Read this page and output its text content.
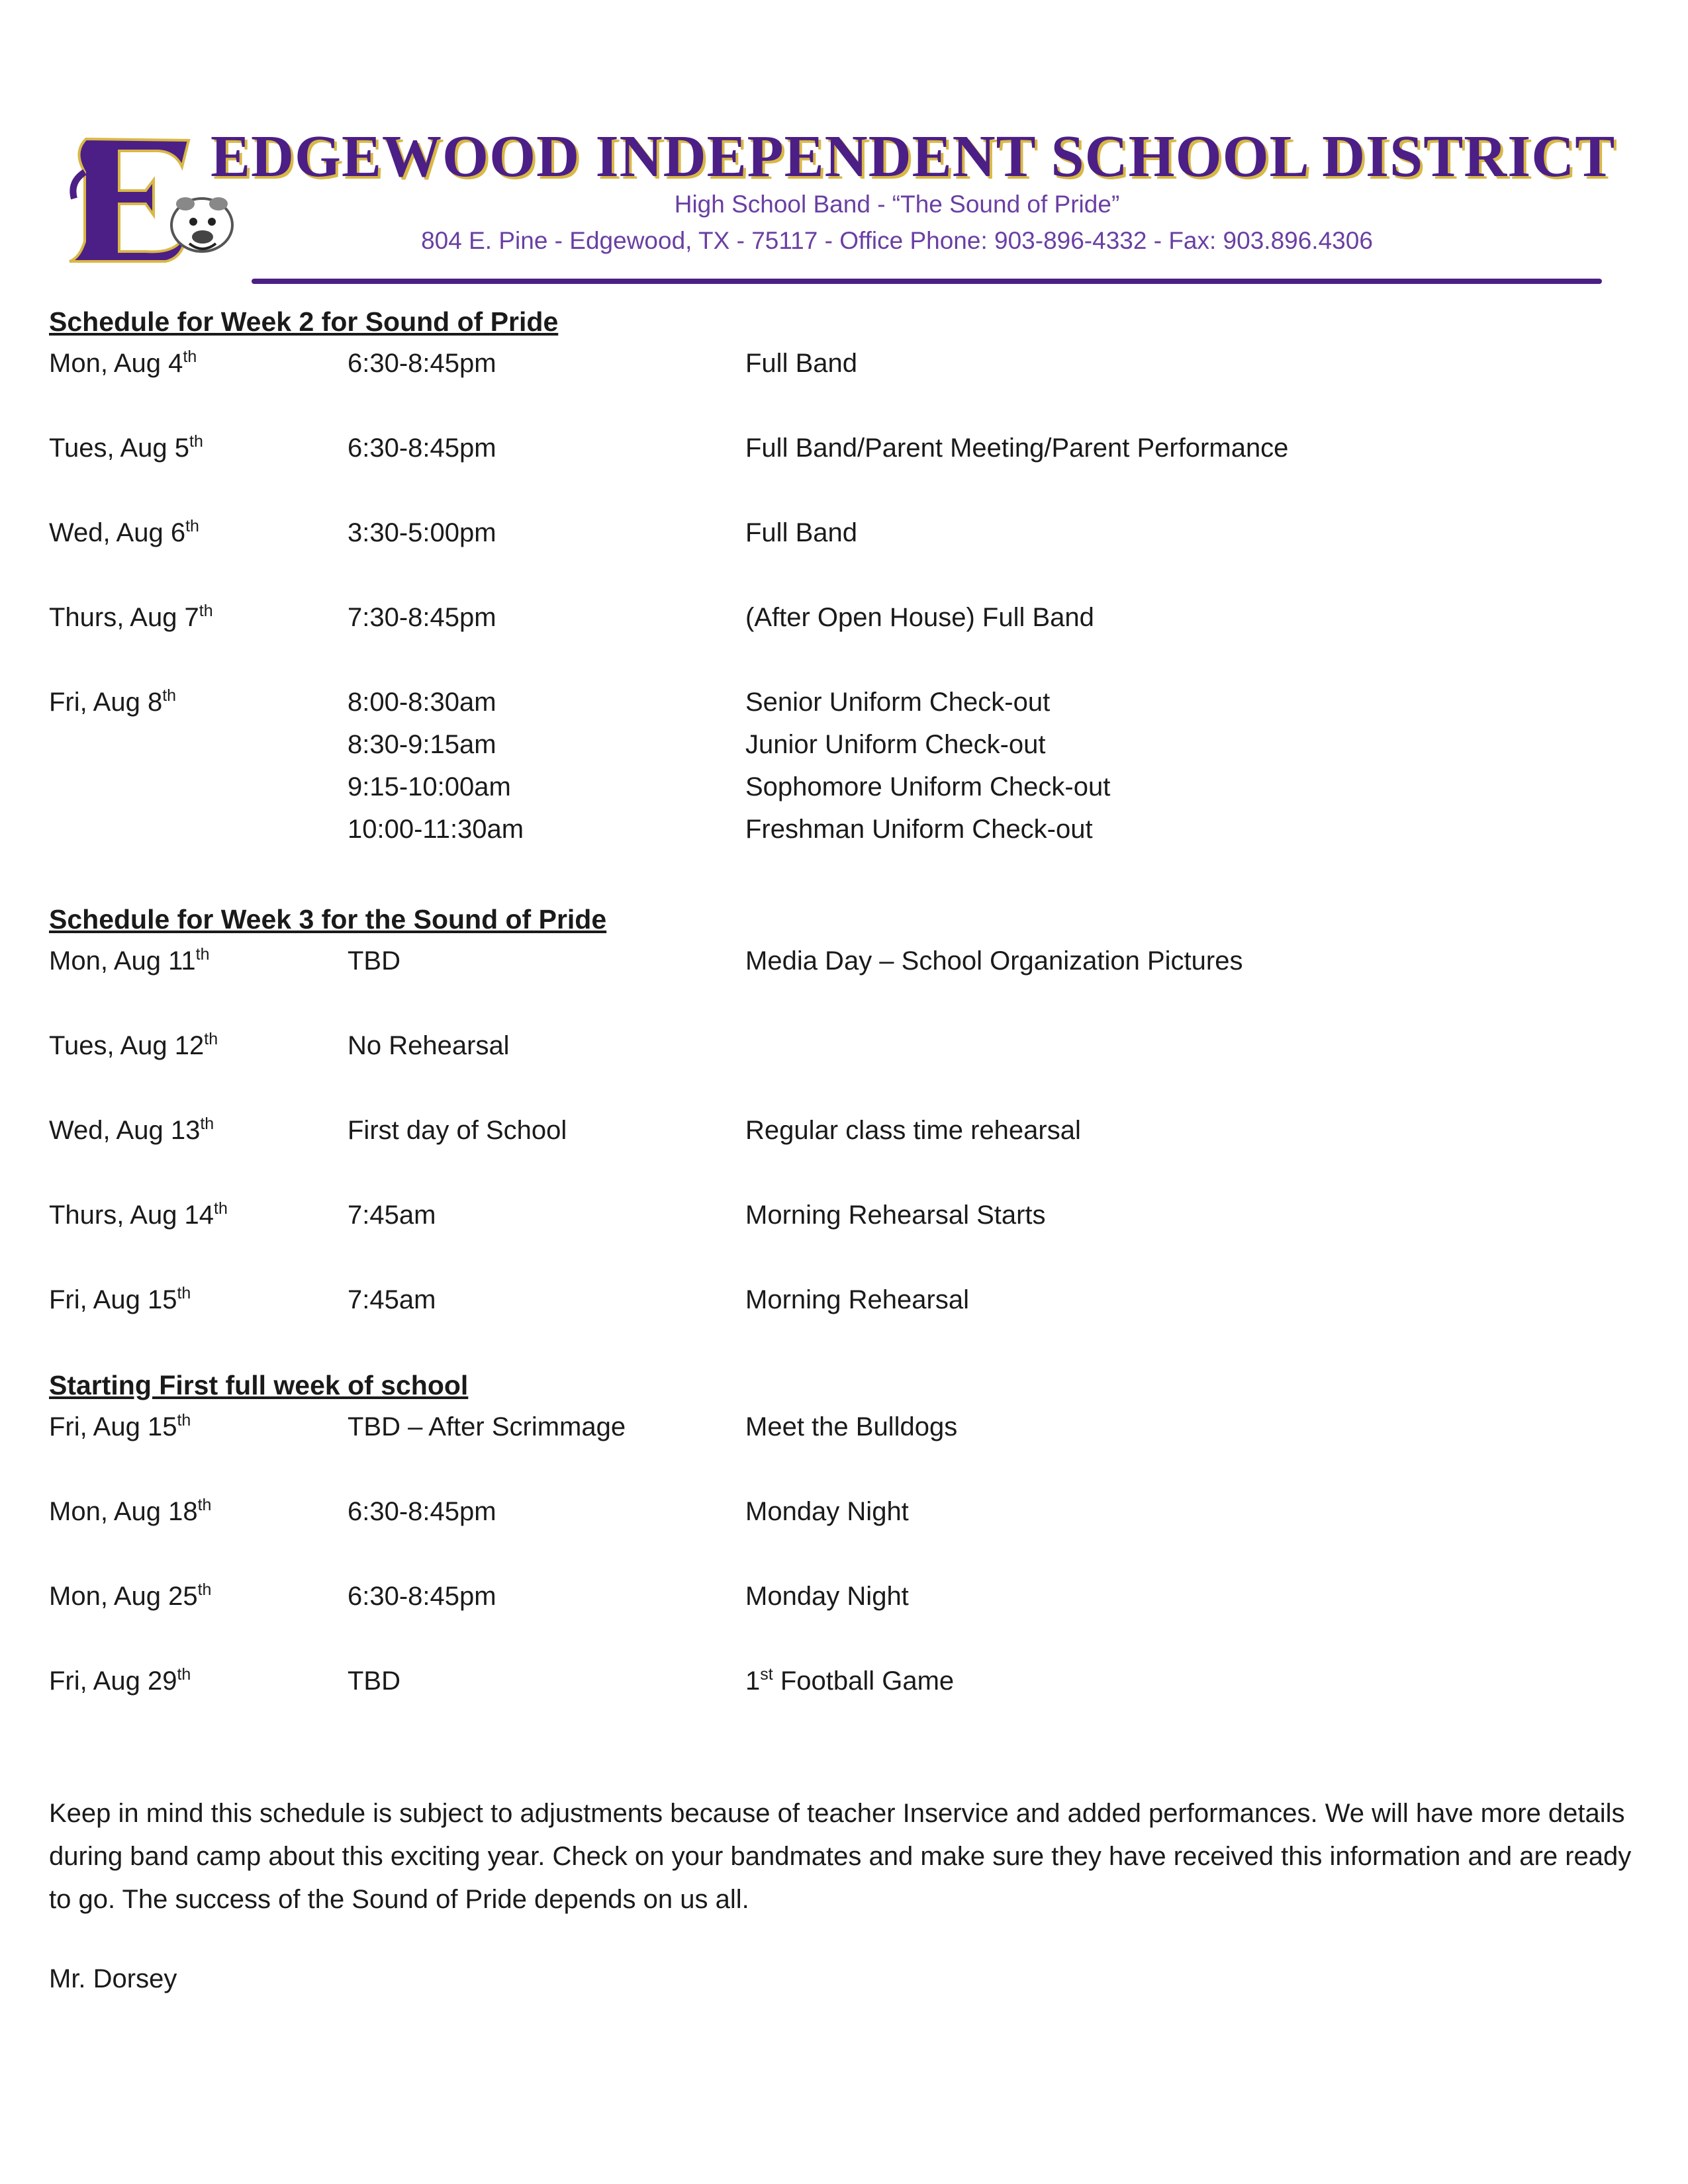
EDGEWOOD INDEPENDENT SCHOOL DISTRICT
High School Band - “The Sound of Pride”
804 E. Pine - Edgewood, TX - 75117 - Office Phone: 903-896-4332 - Fax: 903.896.4306
Schedule for Week 2 for Sound of Pride
Mon, Aug 4th	6:30-8:45pm	Full Band
Tues, Aug 5th	6:30-8:45pm	Full Band/Parent Meeting/Parent Performance
Wed, Aug 6th	3:30-5:00pm	Full Band
Thurs, Aug 7th	7:30-8:45pm	(After Open House) Full Band
Fri, Aug 8th	8:00-8:30am	Senior Uniform Check-out
8:30-9:15am	Junior Uniform Check-out
9:15-10:00am	Sophomore Uniform Check-out
10:00-11:30am	Freshman Uniform Check-out
Schedule for Week 3 for the Sound of Pride
Mon, Aug 11th	TBD	Media Day – School Organization Pictures
Tues, Aug 12th	No Rehearsal
Wed, Aug 13th	First day of School	Regular class time rehearsal
Thurs, Aug 14th	7:45am	Morning Rehearsal Starts
Fri, Aug 15th	7:45am	Morning Rehearsal
Starting First full week of school
Fri, Aug 15th	TBD – After Scrimmage	Meet the Bulldogs
Mon, Aug 18th	6:30-8:45pm	Monday Night
Mon, Aug 25th	6:30-8:45pm	Monday Night
Fri, Aug 29th	TBD	1st Football Game
Keep in mind this schedule is subject to adjustments because of teacher Inservice and added performances. We will have more details during band camp about this exciting year. Check on your bandmates and make sure they have received this information and are ready to go. The success of the Sound of Pride depends on us all.
Mr. Dorsey
